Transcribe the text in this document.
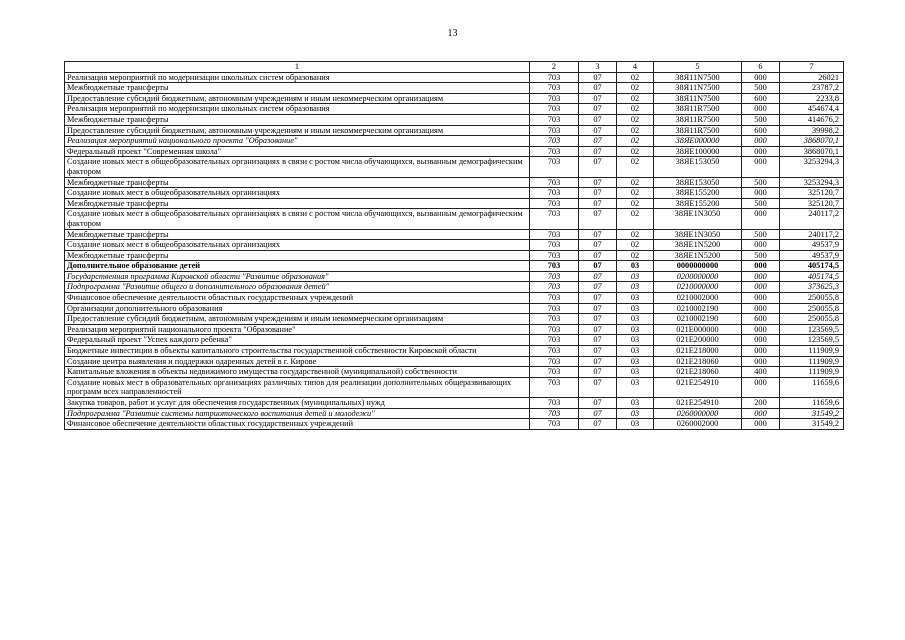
13
1	2	3	4	5	6	7
Реализация мероприятий по модернизации школьных систем образования	703	07	02	38Я11N7500	000	26021
Межбюджетные трансферты	703	07	02	38Я11N7500	500	23787,2
Предоставление субсидий бюджетным, автономным учреждениям и иным некоммерческим организациям	703	07	02	38Я11N7500	600	2233,8
Реализация мероприятий по модернизации школьных систем образования	703	07	02	38Я11R7500	000	454674,4
Межбюджетные трансферты	703	07	02	38Я11R7500	500	414676,2
Предоставление субсидий бюджетным, автономным учреждениям и иным некоммерческим организациям	703	07	02	38Я11R7500	600	39998,2
Реализация мероприятий национального проекта "Образование"	703	07	02	38ЯЕ000000	000	3868070,1
Федеральный проект "Современная школа"	703	07	02	38ЯЕ100000	000	3868070,1
Создание новых мест в общеобразовательных организациях в связи с ростом числа обучающихся, вызванным демографическим фактором	703	07	02	38ЯЕ153050	000	3253294,3
Межбюджетные трансферты	703	07	02	38ЯЕ153050	500	3253294,3
Создание новых мест в общеобразовательных организациях	703	07	02	38ЯЕ155200	000	325120,7
Межбюджетные трансферты	703	07	02	38ЯЕ155200	500	325120,7
Создание новых мест в общеобразовательных организациях в связи с ростом числа обучающихся, вызванным демографическим фактором	703	07	02	38ЯЕ1N3050	000	240117,2
Межбюджетные трансферты	703	07	02	38ЯЕ1N3050	500	240117,2
Создание новых мест в общеобразовательных организациях	703	07	02	38ЯЕ1N5200	000	49537,9
Межбюджетные трансферты	703	07	02	38ЯЕ1N5200	500	49537,9
Дополнительное образование детей	703	07	03	0000000000	000	405174,5
Государственная программа Кировской области "Развитие образования"	703	07	03	0200000000	000	405174,5
Подпрограмма "Развитие общего и дополнительного образования детей"	703	07	03	0210000000	000	373625,3
Финансовое обеспечение деятельности областных государственных учреждений	703	07	03	0210002000	000	250055,8
Организации дополнительного образования	703	07	03	0210002190	000	250055,8
Предоставление субсидий бюджетным, автономным учреждениям и иным некоммерческим организациям	703	07	03	0210002190	600	250055,8
Реализация мероприятий национального проекта "Образование"	703	07	03	021Е000000	000	123569,5
Федеральный проект "Успех каждого ребенка"	703	07	03	021Е200000	000	123569,5
Бюджетные инвестиции в объекты капитального строительства государственной собственности Кировской области	703	07	03	021Е218000	000	111909,9
Создание центра выявления и поддержки одаренных детей в г. Кирове	703	07	03	021Е218060	000	111909,9
Капитальные вложения в объекты недвижимого имущества государственной (муниципальной) собственности	703	07	03	021Е218060	400	111909,9
Создание новых мест в образовательных организациях различных типов для реализации дополнительных общеразвивающих программ всех направленностей	703	07	03	021Е254910	000	11659,6
Закупка товаров, работ и услуг для обеспечения государственных (муниципальных) нужд	703	07	03	021Е254910	200	11659,6
Подпрограмма "Развитие системы патриотического воспитания детей и молодежи"	703	07	03	0260000000	000	31549,2
Финансовое обеспечение деятельности областных государственных учреждений	703	07	03	0260002000	000	31549,2
